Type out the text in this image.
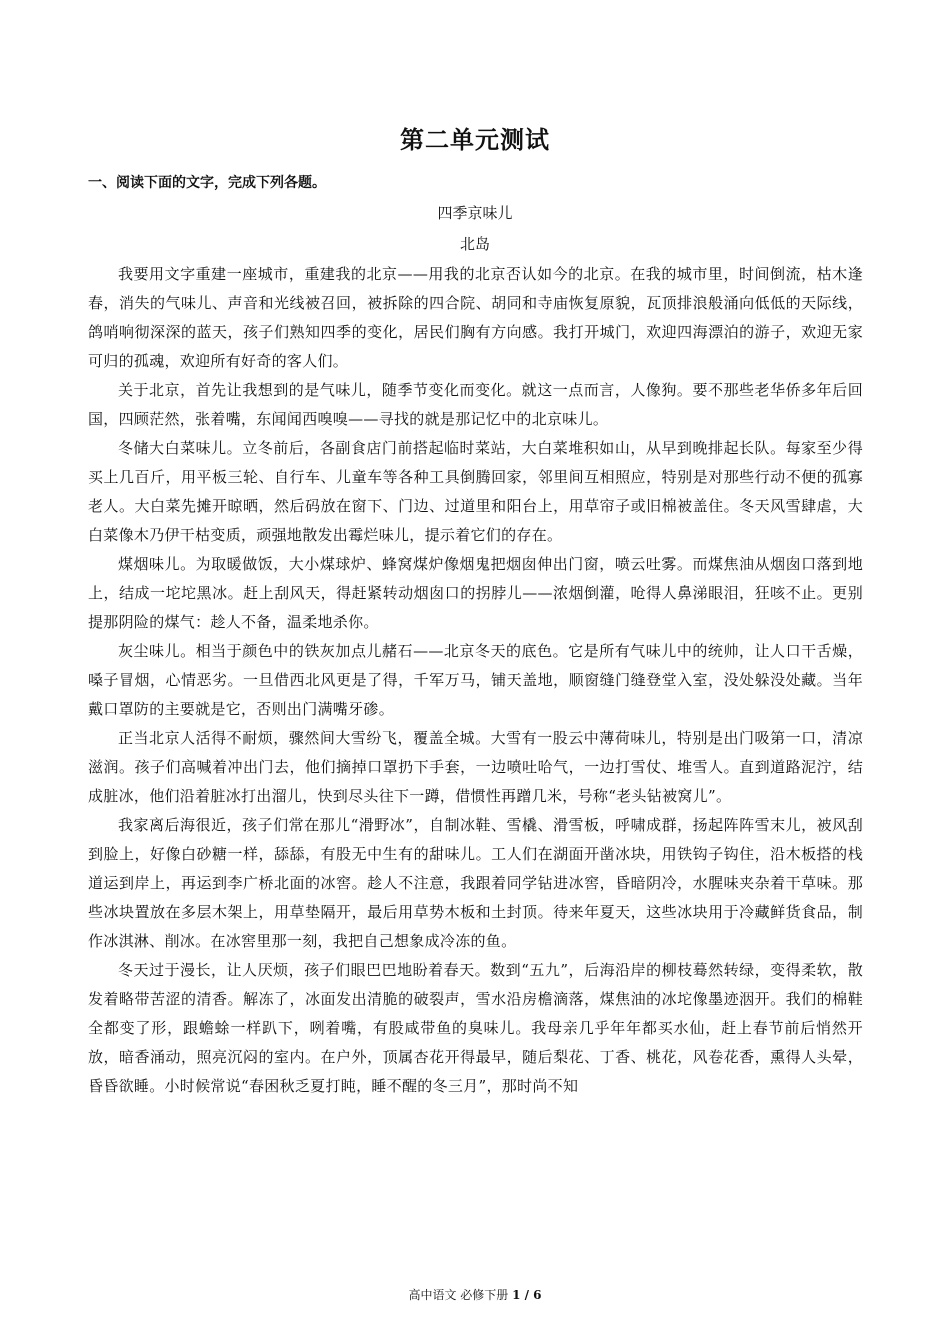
第二单元测试
一、阅读下面的文字，完成下列各题。
四季京味儿
北岛

我要用文字重建一座城市，重建我的北京——用我的北京否认如今的北京。在我的城市里，时间倒流，枯木逢春，消失的气味儿、声音和光线被召回，被拆除的四合院、胡同和寺庙恢复原貌，瓦顶排浪般涌向低低的天际线，鸽哨响彻深深的蓝天，孩子们熟知四季的变化，居民们胸有方向感。我打开城门，欢迎四海漂泊的游子，欢迎无家可归的孤魂，欢迎所有好奇的客人们。

关于北京，首先让我想到的是气味儿，随季节变化而变化。就这一点而言，人像狗。要不那些老华侨多年后回国，四顾茫然，张着嘴，东闻闻西嗅嗅——寻找的就是那记忆中的北京味儿。

冬储大白菜味儿。立冬前后，各副食店门前搭起临时菜站，大白菜堆积如山，从早到晚排起长队。每家至少得买上几百斤，用平板三轮、自行车、儿童车等各种工具倒腾回家，邻里间互相照应，特别是对那些行动不便的孤寡老人。大白菜先摊开晾晒，然后码放在窗下、门边、过道里和阳台上，用草帘子或旧棉被盖住。冬天风雪肆虐，大白菜像木乃伊干枯变质，顽强地散发出霉烂味儿，提示着它们的存在。

煤烟味儿。为取暖做饭，大小煤球炉、蜂窝煤炉像烟鬼把烟囱伸出门窗，喷云吐雾。而煤焦油从烟囱口落到地上，结成一坨坨黑冰。赶上刮风天，得赶紧转动烟囱口的拐脖儿——浓烟倒灌，呛得人鼻涕眼泪，狂咳不止。更别提那阴险的煤气：趁人不备，温柔地杀你。

灰尘味儿。相当于颜色中的铁灰加点儿赭石——北京冬天的底色。它是所有气味儿中的统帅，让人口干舌燥，嗓子冒烟，心情恶劣。一旦借西北风更是了得，千军万马，铺天盖地，顺窗缝门缝登堂入室，没处躲没处藏。当年戴口罩防的主要就是它，否则出门满嘴牙碜。

正当北京人活得不耐烦，骤然间大雪纷飞，覆盖全城。大雪有一股云中薄荷味儿，特别是出门吸第一口，清凉滋润。孩子们高喊着冲出门去，他们摘掉口罩扔下手套，一边喷吐哈气，一边打雪仗、堆雪人。直到道路泥泞，结成脏冰，他们沿着脏冰打出溜儿，快到尽头往下一蹲，借惯性再蹭几米，号称“老头钻被窝儿”。

我家离后海很近，孩子们常在那儿“滑野冰”，自制冰鞋、雪橇、滑雪板，呼啸成群，扬起阵阵雪末儿，被风刮到脸上，好像白砂糖一样，舔舔，有股无中生有的甜味儿。工人们在湖面开凿冰块，用铁钩子钩住，沿木板搭的栈道运到岸上，再运到李广桥北面的冰窖。趁人不注意，我跟着同学钻进冰窖，昏暗阴冷，水腥味夹杂着干草味。那些冰块置放在多层木架上，用草垫隔开，最后用草势木板和土封顶。待来年夏天，这些冰块用于冷藏鲜货食品，制作冰淇淋、削冰。在冰窖里那一刻，我把自己想象成冷冻的鱼。

冬天过于漫长，让人厌烦，孩子们眼巴巴地盼着春天。数到“五九”，后海沿岸的柳枝蓦然转绿，变得柔软，散发着略带苦涩的清香。解冻了，冰面发出清脆的破裂声，雪水沿房檐滴落，煤焦油的冰坨像墨迹洇开。我们的棉鞋全都变了形，跟蟾蜍一样趴下，咧着嘴，有股咸带鱼的臭味儿。我母亲几乎年年都买水仙，赶上春节前后悄然开放，暗香涌动，照亮沉闷的室内。在户外，顶属杏花开得最早，随后梨花、丁香、桃花，风卷花香，熏得人头晕，昏昏欲睡。小时候常说“春困秋乏夏打盹，睡不醒的冬三月”，那时尚不知

高中语文 必修下册 1 / 6
